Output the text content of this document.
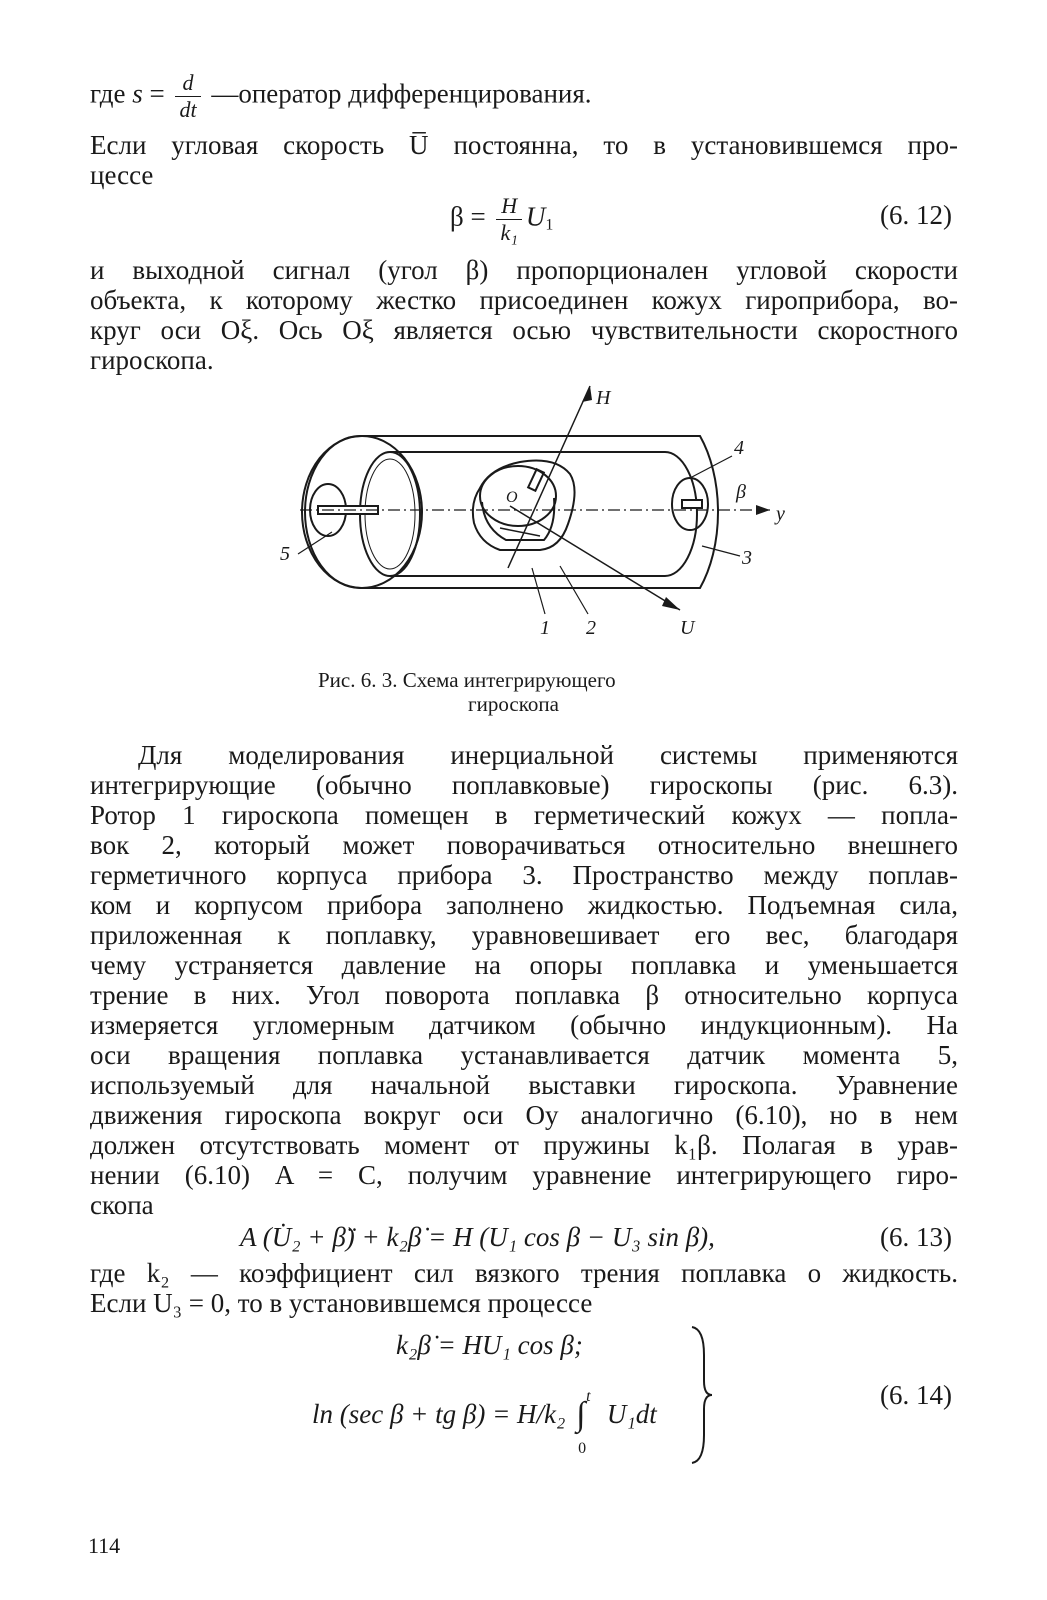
где $s = \frac{d}{dt}$ —оператор дифференцирования.
Если угловая скорость U̅ постоянна, то в установившемся про-
цессе
$\beta = \frac{H}{\text{k₁}} U_1$	(6. 12)
и выходной сигнал (угол β) пропорционален угловой скорости
объекта, к которому жестко присоединен кожух гироприбора, во-
круг оси Oξ. Ось Oξ является осью чувствительности скоростного
гироскопа.
H
4
β
y
3
5
1 2	U
O
Рис. 6. 3. Схема интегрирующего
гироскопа
Для моделирования инерциальной системы применяются
интегрирующие (обычно поплавковые) гироскопы (рис. 6.3).
Ротор 1 гироскопа помещен в герметический кожух — попла-
вок 2, который может поворачиваться относительно внешнего
герметичного корпуса прибора 3. Пространство между поплав-
ком и корпусом прибора заполнено жидкостью. Подъемная сила,
приложенная к поплавку, уравновешивает его вес, благодаря
чему устраняется давление на опоры поплавка и уменьшается
трение в них. Угол поворота поплавка β относительно корпуса
измеряется угломерным датчиком (обычно индукционным). На
оси вращения поплавка устанавливается датчик момента 5,
используемый для начальной выставки гироскопа. Уравнение
движения гироскопа вокруг оси Oy аналогично (6.10), но в нем
должен отсутствовать момент от пружины k₁β. Полагая в урав-
нении (6.10) A = C, получим уравнение интегрирующего гиро-
скопа
A (U̇₂ + β̈) + k₂β̇ = H (U₁ cos β − U₃ sin β),	(6. 13)
где k₂ — коэффициент сил вязкого трения поплавка о жидкость.
Если U₃ = 0, то в установившемся процессе
k₂β̇ = HU₁ cos β;
ln (sec β + tg β) = H/k₂ ∫ t
0
U₁dt
(6. 14)
114
